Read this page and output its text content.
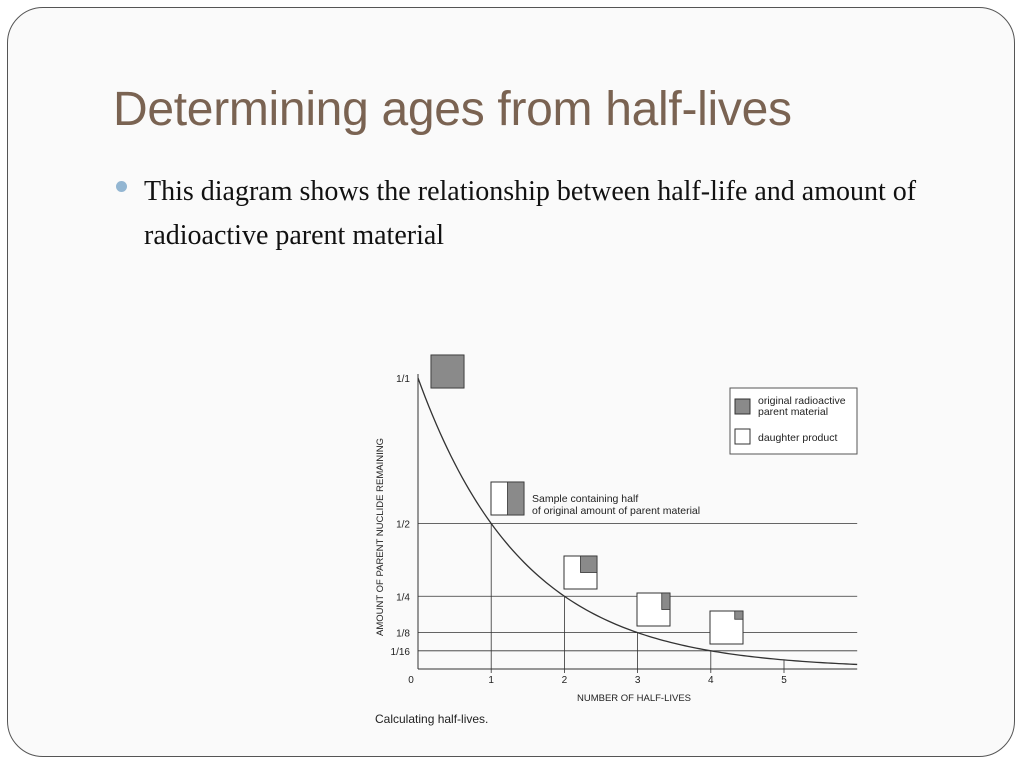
Determining ages from half-lives

This diagram shows the relationship between half-life and amount of radioactive parent material

AMOUNT OF PARENT NUCLIDE REMAINING
NUMBER OF HALF-LIVES
Calculating half-lives.
Sample containing half
of original amount of parent material
original radioactive
parent material
daughter product
1/1
1/2
1/4
1/8
1/16
0	1	2	3	4	5
